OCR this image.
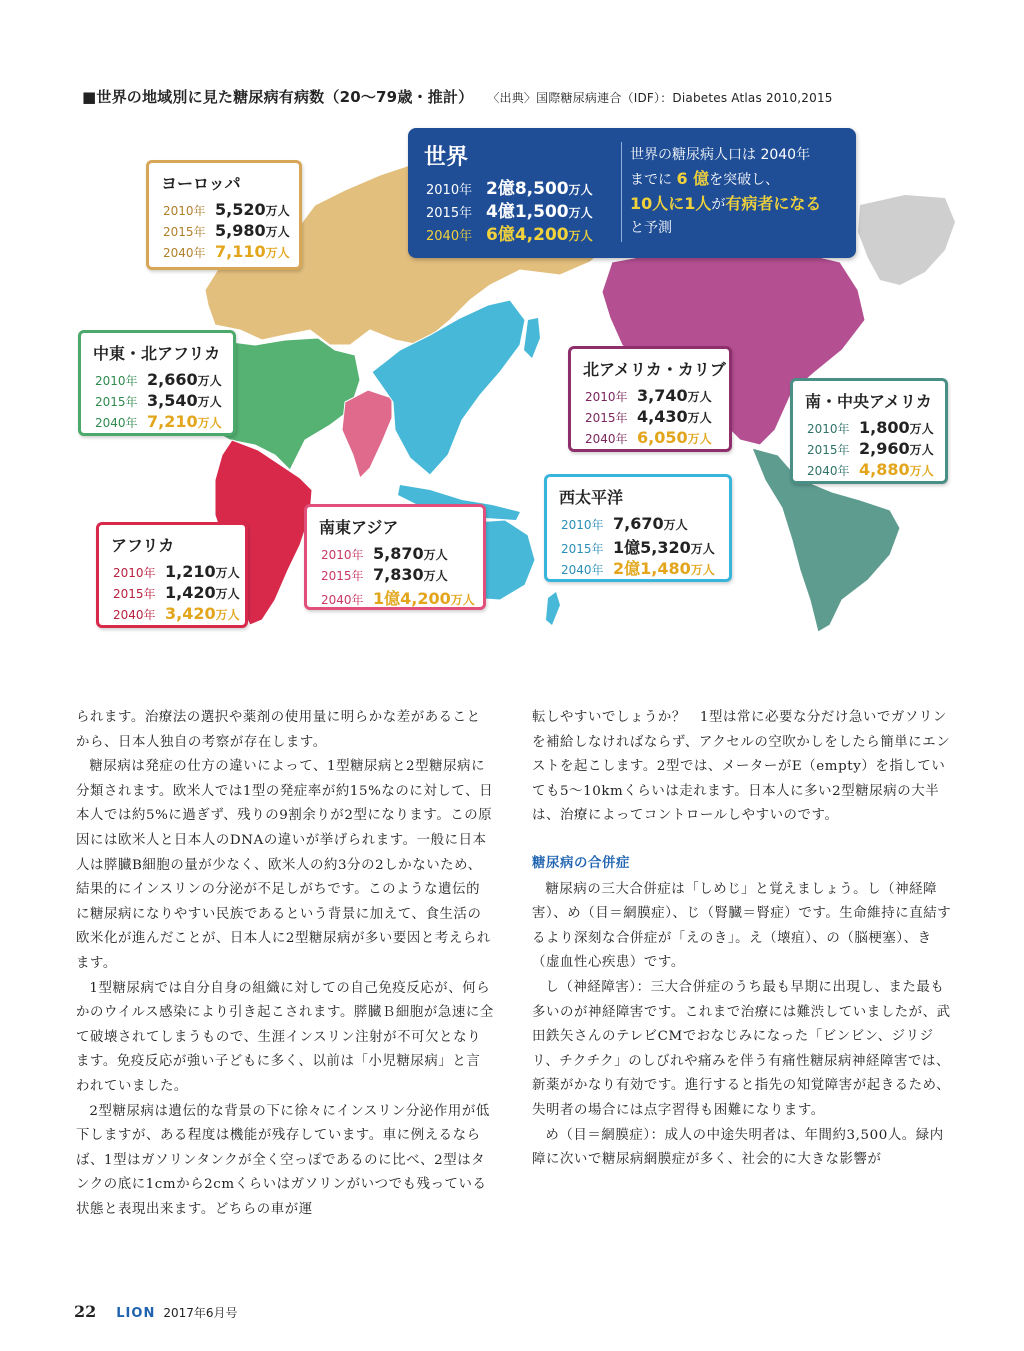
■世界の地域別に見た糖尿病有病数（20〜79歳・推計） 〈出典〉国際糖尿病連合（IDF）：Diabetes Atlas 2010,2015
世界
2010年 2億8,500万人
2015年 4億1,500万人
2040年 6億4,200万人
世界の糖尿病人口は 2040年
までに 6 億を突破し、
10人に1人が有病者になる
と予測
ヨーロッパ
2010年 5,520万人
2015年 5,980万人
2040年 7,110万人
中東・北アフリカ
2010年 2,660万人
2015年 3,540万人
2040年 7,210万人
アフリカ
2010年 1,210万人
2015年 1,420万人
2040年 3,420万人
南東アジア
2010年 5,870万人
2015年 7,830万人
2040年 1億4,200万人
北アメリカ・カリブ
2010年 3,740万人
2015年 4,430万人
2040年 6,050万人
西太平洋
2010年 7,670万人
2015年 1億5,320万人
2040年 2億1,480万人
南・中央アメリカ
2010年 1,800万人
2015年 2,960万人
2040年 4,880万人

られます。治療法の選択や薬剤の使用量に明らかな差があることから、日本人独自の考察が存在します。

糖尿病は発症の仕方の違いによって、1型糖尿病と2型糖尿病に分類されます。欧米人では1型の発症率が約15%なのに対して、日本人では約5%に過ぎず、残りの9割余りが2型になります。この原因には欧米人と日本人のDNAの違いが挙げられます。一般に日本人は膵臓B細胞の量が少なく、欧米人の約3分の2しかないため、結果的にインスリンの分泌が不足しがちです。このような遺伝的に糖尿病になりやすい民族であるという背景に加えて、食生活の欧米化が進んだことが、日本人に2型糖尿病が多い要因と考えられます。

1型糖尿病では自分自身の組織に対しての自己免疫反応が、何らかのウイルス感染により引き起こされます。膵臓Ｂ細胞が急速に全て破壊されてしまうもので、生涯インスリン注射が不可欠となります。免疫反応が強い子どもに多く、以前は「小児糖尿病」と言われていました。

2型糖尿病は遺伝的な背景の下に徐々にインスリン分泌作用が低下しますが、ある程度は機能が残存しています。車に例えるならば、1型はガソリンタンクが全く空っぽであるのに比べ、2型はタンクの底に1cmから2cmくらいはガソリンがいつでも残っている状態と表現出来ます。どちらの車が運

転しやすいでしょうか？　1型は常に必要な分だけ急いでガソリンを補給しなければならず、アクセルの空吹かしをしたら簡単にエンストを起こします。2型では、メーターがE（empty）を指していても5〜10kmくらいは走れます。日本人に多い2型糖尿病の大半は、治療によってコントロールしやすいのです。

糖尿病の合併症

糖尿病の三大合併症は「しめじ」と覚えましょう。し（神経障害）、め（目＝網膜症）、じ（腎臓＝腎症）です。生命維持に直結するより深刻な合併症が「えのき」。え（壊疽）、の（脳梗塞）、き（虚血性心疾患）です。

し（神経障害）：三大合併症のうち最も早期に出現し、また最も多いのが神経障害です。これまで治療には難渋していましたが、武田鉄矢さんのテレビCMでおなじみになった「ビンビン、ジリジリ、チクチク」のしびれや痛みを伴う有痛性糖尿病神経障害では、新薬がかなり有効です。進行すると指先の知覚障害が起きるため、失明者の場合には点字習得も困難になります。

め（目＝網膜症）：成人の中途失明者は、年間約3,500人。緑内障に次いで糖尿病網膜症が多く、社会的に大きな影響が

22 LION 2017年6月号
